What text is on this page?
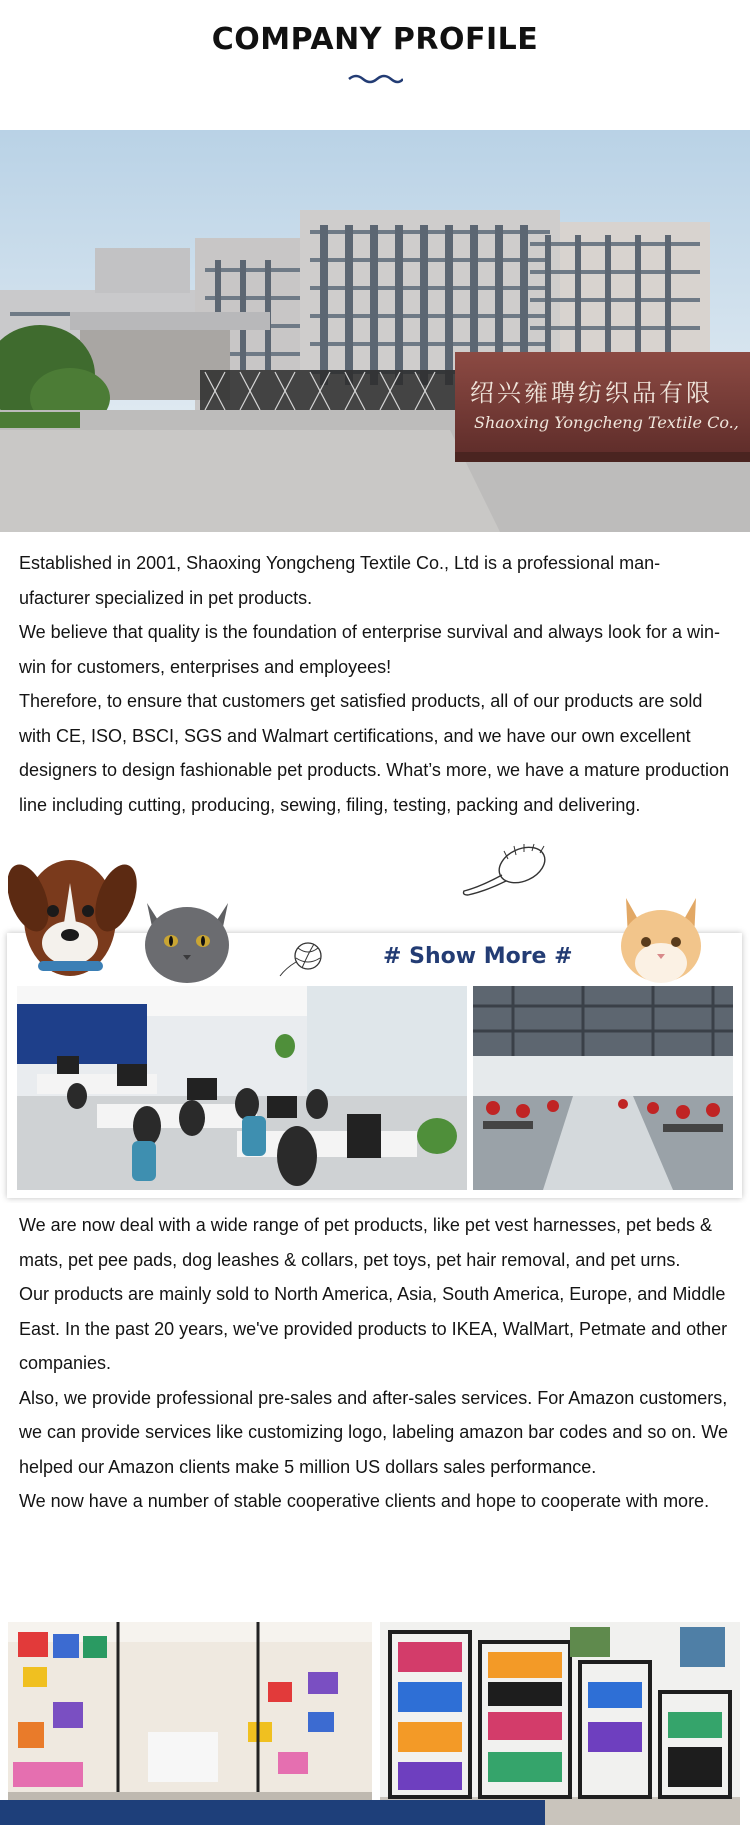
COMPANY PROFILE
绍兴雍聘纺织品有限
Shaoxing Yongcheng Textile Co.,
Established in 2001, Shaoxing Yongcheng Textile Co., Ltd is a professional man-ufacturer specialized in pet products.
We believe that quality is the foundation of enterprise survival and always look for a win-win for customers, enterprises and employees!
Therefore, to ensure that customers get satisfied products, all of our products are sold with CE, ISO, BSCI, SGS and Walmart certifications, and we have our own excellent designers to design fashionable pet products. What’s more, we have a mature production line including cutting, producing, sewing, filing, testing, packing and delivering.
# Show More #
We are now deal with a wide range of pet products, like pet vest harnesses, pet beds & mats, pet pee pads, dog leashes & collars, pet toys, pet hair removal, and pet urns.
Our products are mainly sold to North America, Asia, South America, Europe, and Middle East. In the past 20 years, we've provided products to IKEA, WalMart, Petmate and other companies.
Also, we provide professional pre-sales and after-sales services. For Amazon customers, we can provide services like customizing logo, labeling amazon bar codes and so on. We helped our Amazon clients make 5 million US dollars sales performance.
We now have a number of stable cooperative clients and hope to cooperate with more.
